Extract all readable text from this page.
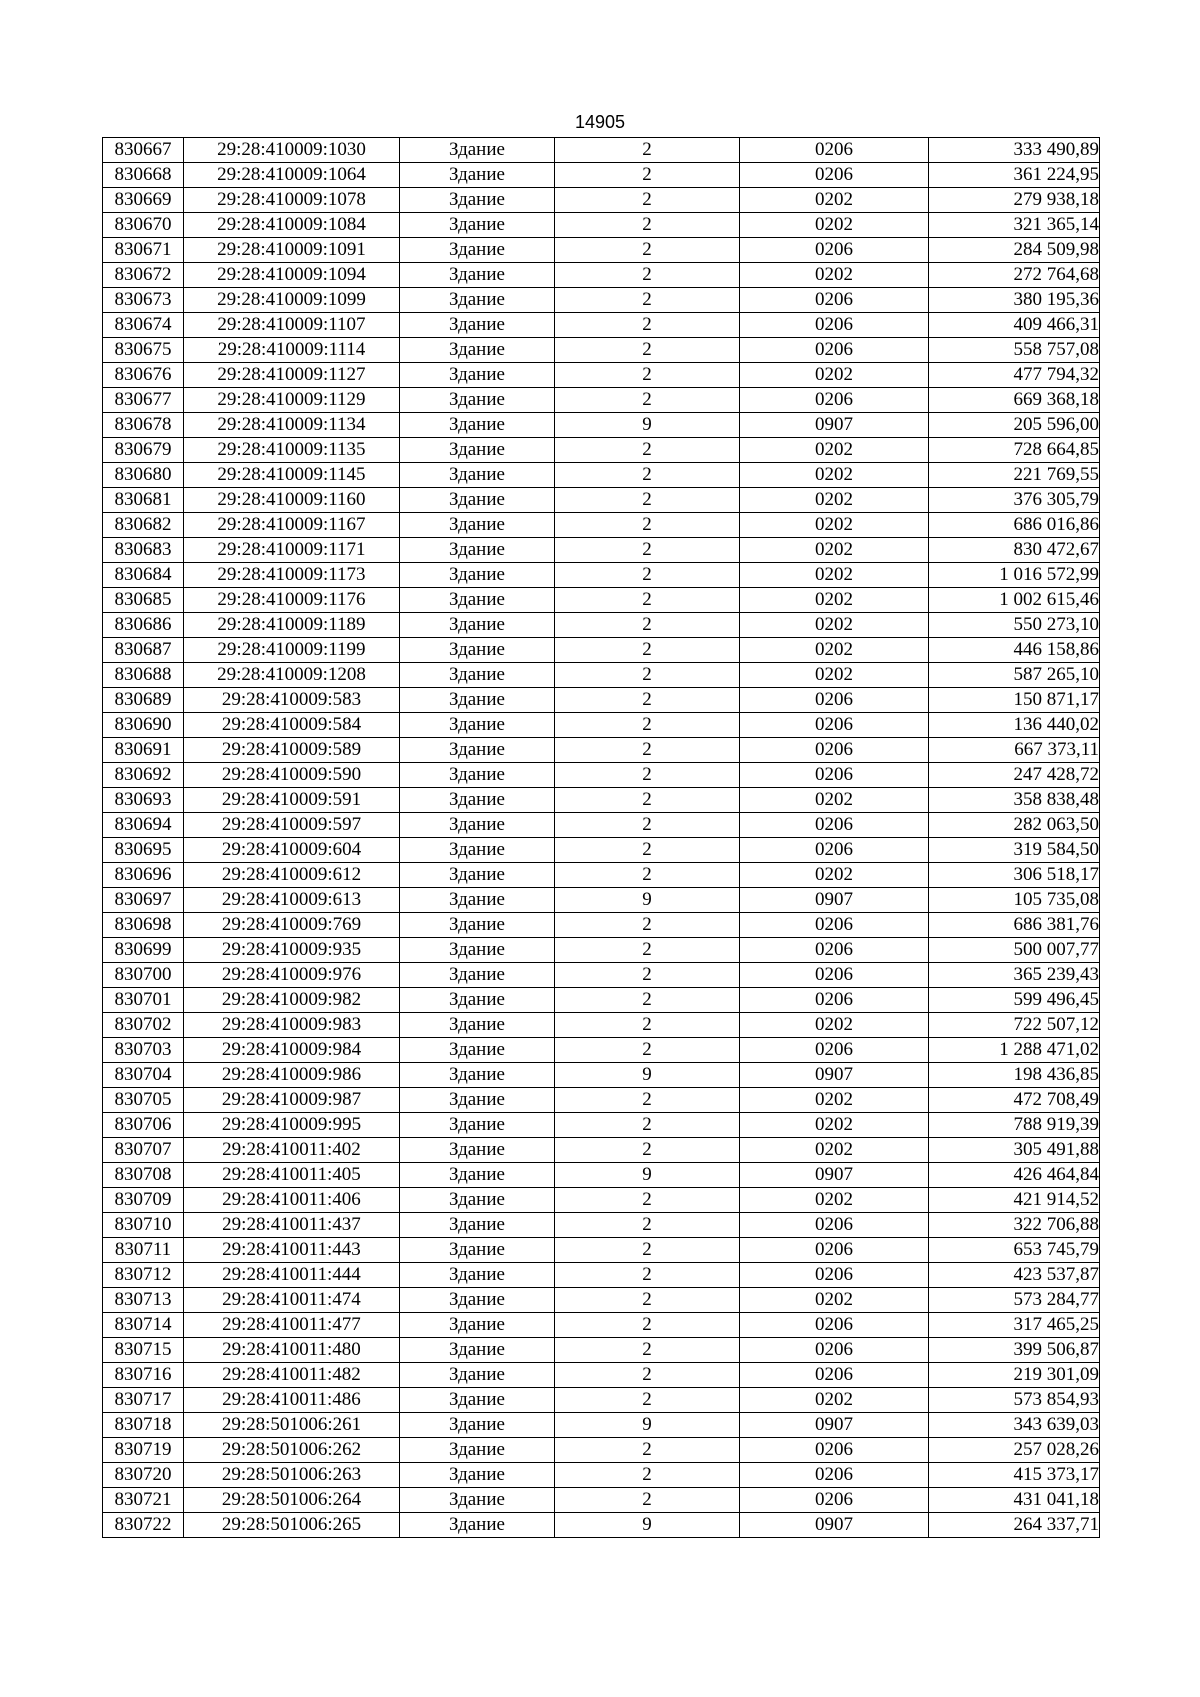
14905
830667	29:28:410009:1030	Здание	2	0206	333 490,89
830668	29:28:410009:1064	Здание	2	0206	361 224,95
830669	29:28:410009:1078	Здание	2	0202	279 938,18
830670	29:28:410009:1084	Здание	2	0202	321 365,14
830671	29:28:410009:1091	Здание	2	0206	284 509,98
830672	29:28:410009:1094	Здание	2	0202	272 764,68
830673	29:28:410009:1099	Здание	2	0206	380 195,36
830674	29:28:410009:1107	Здание	2	0206	409 466,31
830675	29:28:410009:1114	Здание	2	0206	558 757,08
830676	29:28:410009:1127	Здание	2	0202	477 794,32
830677	29:28:410009:1129	Здание	2	0206	669 368,18
830678	29:28:410009:1134	Здание	9	0907	205 596,00
830679	29:28:410009:1135	Здание	2	0202	728 664,85
830680	29:28:410009:1145	Здание	2	0202	221 769,55
830681	29:28:410009:1160	Здание	2	0202	376 305,79
830682	29:28:410009:1167	Здание	2	0202	686 016,86
830683	29:28:410009:1171	Здание	2	0202	830 472,67
830684	29:28:410009:1173	Здание	2	0202	1 016 572,99
830685	29:28:410009:1176	Здание	2	0202	1 002 615,46
830686	29:28:410009:1189	Здание	2	0202	550 273,10
830687	29:28:410009:1199	Здание	2	0202	446 158,86
830688	29:28:410009:1208	Здание	2	0202	587 265,10
830689	29:28:410009:583	Здание	2	0206	150 871,17
830690	29:28:410009:584	Здание	2	0206	136 440,02
830691	29:28:410009:589	Здание	2	0206	667 373,11
830692	29:28:410009:590	Здание	2	0206	247 428,72
830693	29:28:410009:591	Здание	2	0202	358 838,48
830694	29:28:410009:597	Здание	2	0206	282 063,50
830695	29:28:410009:604	Здание	2	0206	319 584,50
830696	29:28:410009:612	Здание	2	0202	306 518,17
830697	29:28:410009:613	Здание	9	0907	105 735,08
830698	29:28:410009:769	Здание	2	0206	686 381,76
830699	29:28:410009:935	Здание	2	0206	500 007,77
830700	29:28:410009:976	Здание	2	0206	365 239,43
830701	29:28:410009:982	Здание	2	0206	599 496,45
830702	29:28:410009:983	Здание	2	0202	722 507,12
830703	29:28:410009:984	Здание	2	0206	1 288 471,02
830704	29:28:410009:986	Здание	9	0907	198 436,85
830705	29:28:410009:987	Здание	2	0202	472 708,49
830706	29:28:410009:995	Здание	2	0202	788 919,39
830707	29:28:410011:402	Здание	2	0202	305 491,88
830708	29:28:410011:405	Здание	9	0907	426 464,84
830709	29:28:410011:406	Здание	2	0202	421 914,52
830710	29:28:410011:437	Здание	2	0206	322 706,88
830711	29:28:410011:443	Здание	2	0206	653 745,79
830712	29:28:410011:444	Здание	2	0206	423 537,87
830713	29:28:410011:474	Здание	2	0202	573 284,77
830714	29:28:410011:477	Здание	2	0206	317 465,25
830715	29:28:410011:480	Здание	2	0206	399 506,87
830716	29:28:410011:482	Здание	2	0206	219 301,09
830717	29:28:410011:486	Здание	2	0202	573 854,93
830718	29:28:501006:261	Здание	9	0907	343 639,03
830719	29:28:501006:262	Здание	2	0206	257 028,26
830720	29:28:501006:263	Здание	2	0206	415 373,17
830721	29:28:501006:264	Здание	2	0206	431 041,18
830722	29:28:501006:265	Здание	9	0907	264 337,71
